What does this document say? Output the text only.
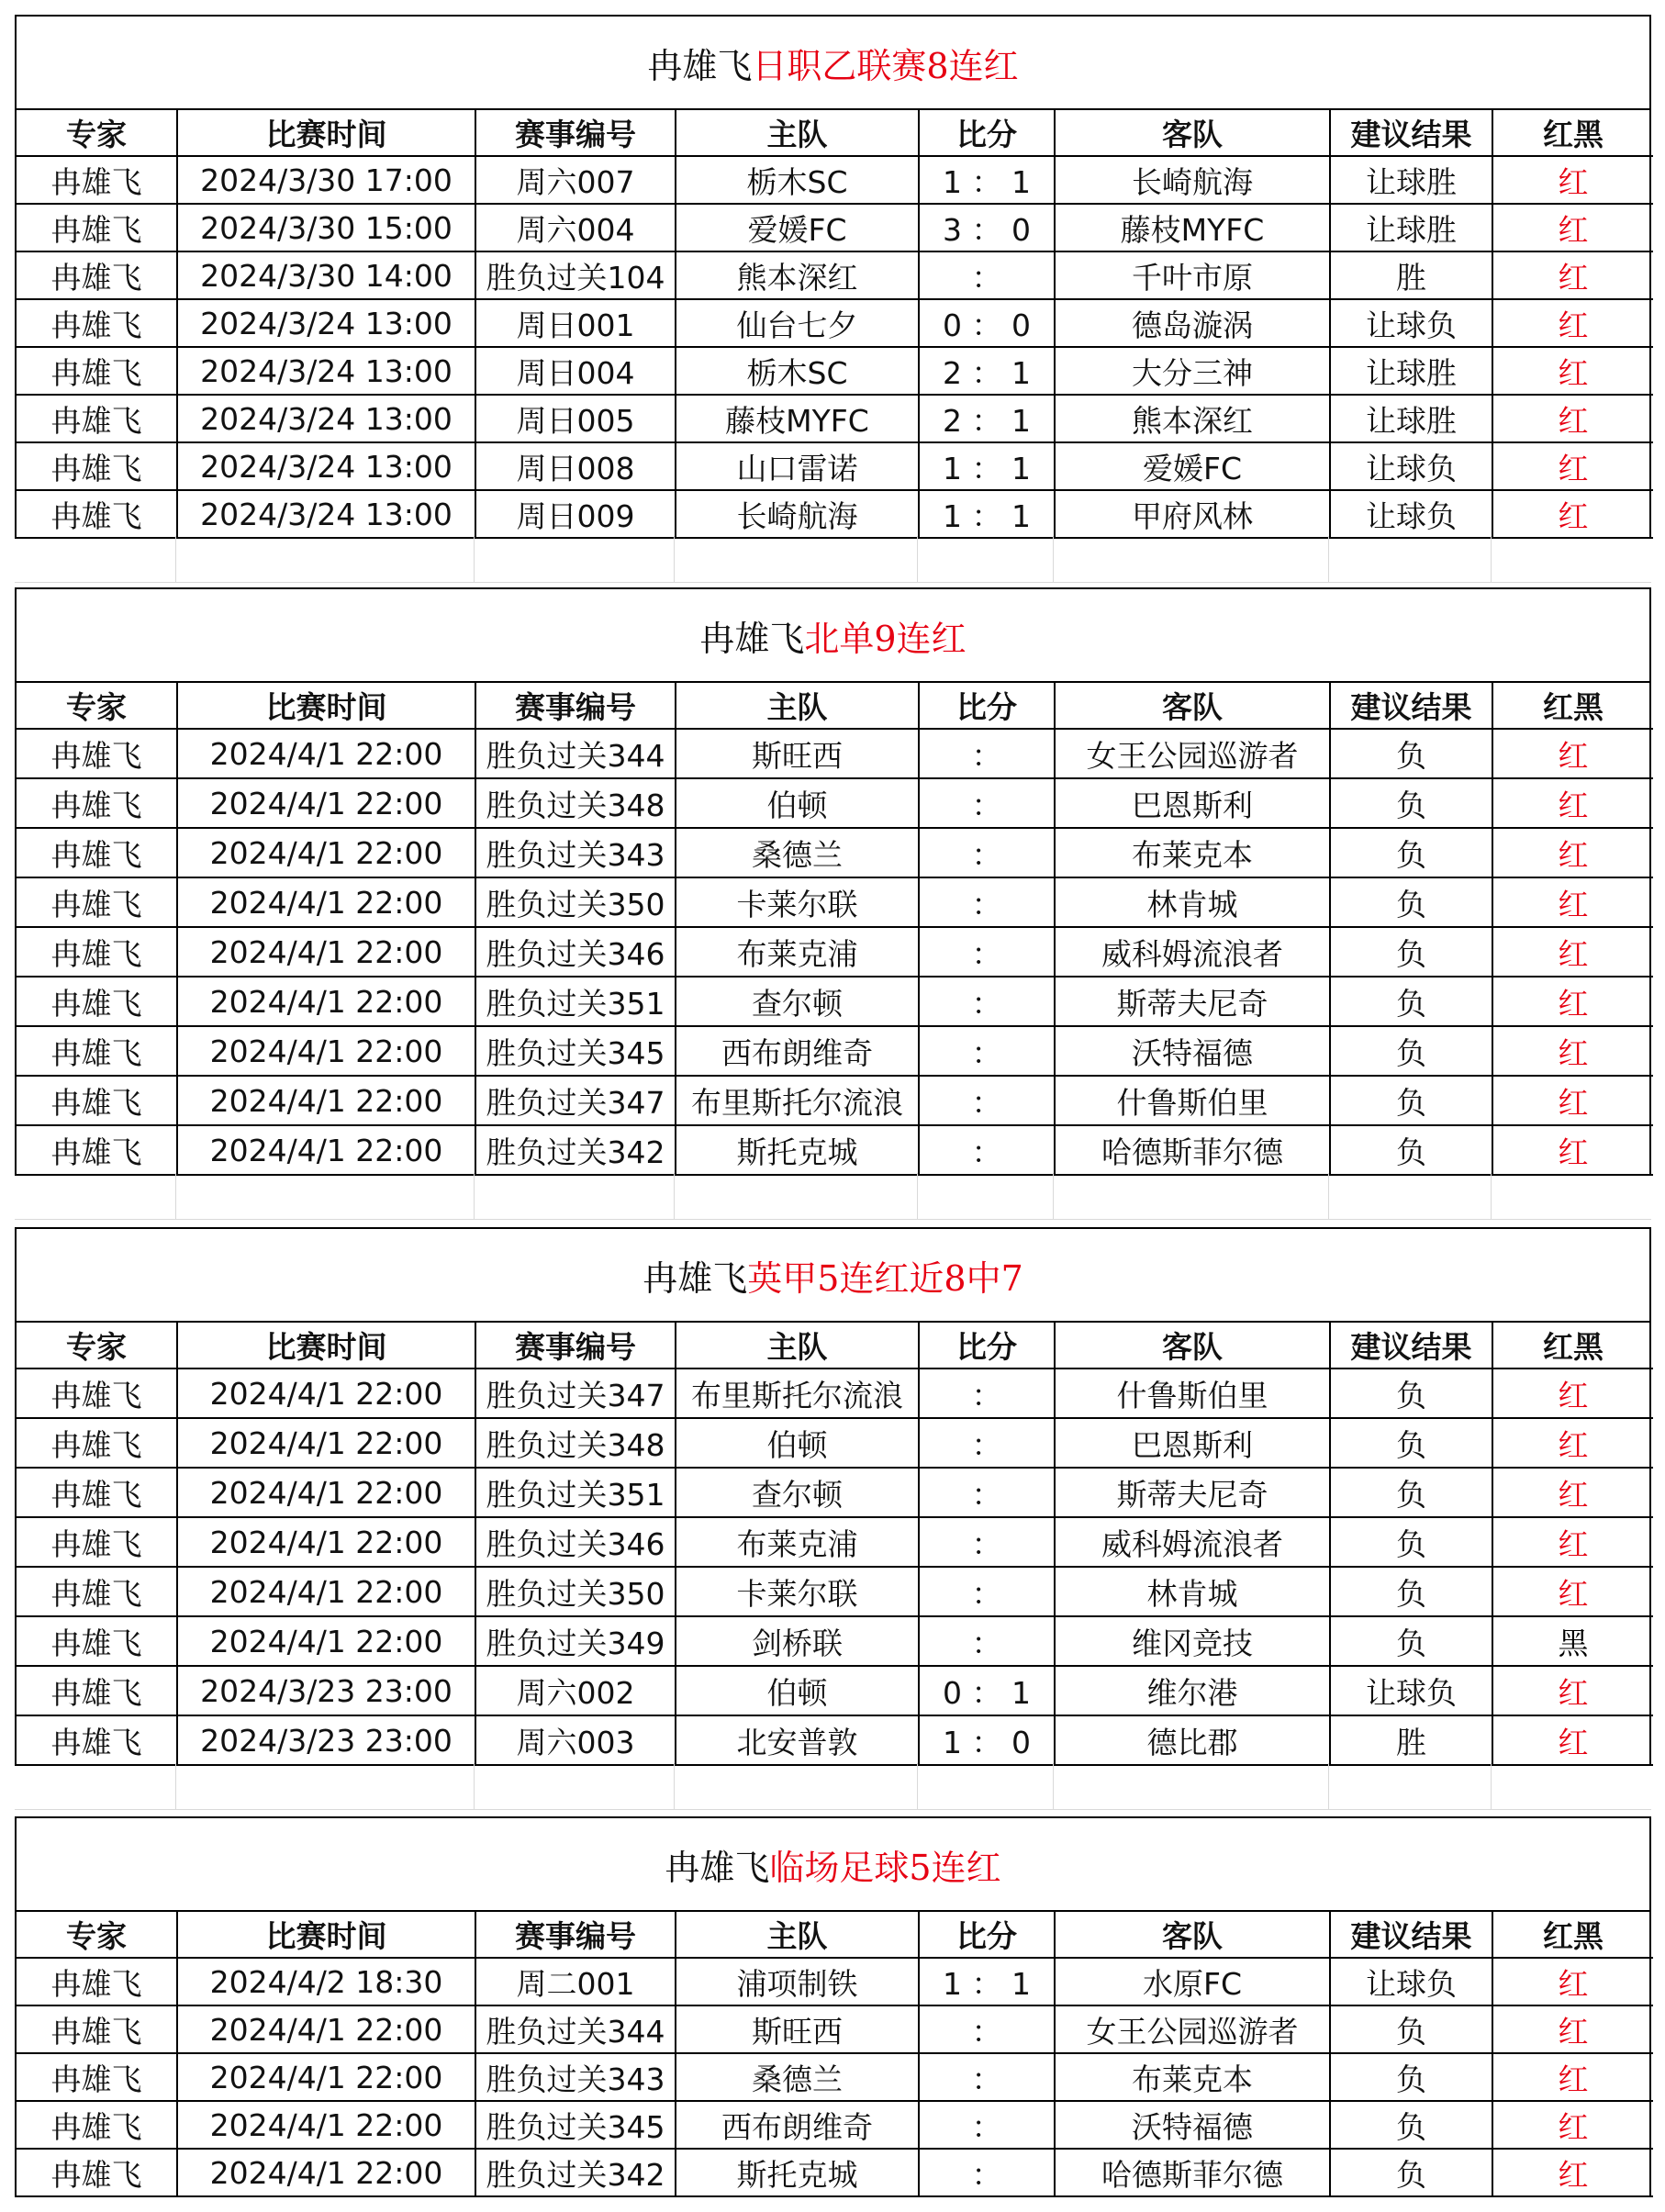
冉雄飞 日职乙联赛8连红
专家	比赛时间	赛事编号	主队	比分	客队	建议结果	红黑
冉雄飞	2024/3/30 17:00	周六007	栃木SC	1 ： 1	长崎航海	让球胜	红
冉雄飞	2024/3/30 15:00	周六004	爱媛FC	3 ： 0	藤枝MYFC	让球胜	红
冉雄飞	2024/3/30 14:00	胜负过关104	熊本深红	：	千叶市原	胜	红
冉雄飞	2024/3/24 13:00	周日001	仙台七夕	0 ： 0	德岛漩涡	让球负	红
冉雄飞	2024/3/24 13:00	周日004	栃木SC	2 ： 1	大分三神	让球胜	红
冉雄飞	2024/3/24 13:00	周日005	藤枝MYFC	2 ： 1	熊本深红	让球胜	红
冉雄飞	2024/3/24 13:00	周日008	山口雷诺	1 ： 1	爱媛FC	让球负	红
冉雄飞	2024/3/24 13:00	周日009	长崎航海	1 ： 1	甲府风林	让球负	红
冉雄飞 北单9连红
专家	比赛时间	赛事编号	主队	比分	客队	建议结果	红黑
冉雄飞	2024/4/1 22:00	胜负过关344	斯旺西	：	女王公园巡游者	负	红
冉雄飞	2024/4/1 22:00	胜负过关348	伯顿	：	巴恩斯利	负	红
冉雄飞	2024/4/1 22:00	胜负过关343	桑德兰	：	布莱克本	负	红
冉雄飞	2024/4/1 22:00	胜负过关350	卡莱尔联	：	林肯城	负	红
冉雄飞	2024/4/1 22:00	胜负过关346	布莱克浦	：	威科姆流浪者	负	红
冉雄飞	2024/4/1 22:00	胜负过关351	查尔顿	：	斯蒂夫尼奇	负	红
冉雄飞	2024/4/1 22:00	胜负过关345	西布朗维奇	：	沃特福德	负	红
冉雄飞	2024/4/1 22:00	胜负过关347	布里斯托尔流浪	：	什鲁斯伯里	负	红
冉雄飞	2024/4/1 22:00	胜负过关342	斯托克城	：	哈德斯菲尔德	负	红
冉雄飞 英甲5连红近8中7
专家	比赛时间	赛事编号	主队	比分	客队	建议结果	红黑
冉雄飞	2024/4/1 22:00	胜负过关347	布里斯托尔流浪	：	什鲁斯伯里	负	红
冉雄飞	2024/4/1 22:00	胜负过关348	伯顿	：	巴恩斯利	负	红
冉雄飞	2024/4/1 22:00	胜负过关351	查尔顿	：	斯蒂夫尼奇	负	红
冉雄飞	2024/4/1 22:00	胜负过关346	布莱克浦	：	威科姆流浪者	负	红
冉雄飞	2024/4/1 22:00	胜负过关350	卡莱尔联	：	林肯城	负	红
冉雄飞	2024/4/1 22:00	胜负过关349	剑桥联	：	维冈竞技	负	黑
冉雄飞	2024/3/23 23:00	周六002	伯顿	0 ： 1	维尔港	让球负	红
冉雄飞	2024/3/23 23:00	周六003	北安普敦	1 ： 0	德比郡	胜	红
冉雄飞 临场足球5连红
专家	比赛时间	赛事编号	主队	比分	客队	建议结果	红黑
冉雄飞	2024/4/2 18:30	周二001	浦项制铁	1 ： 1	水原FC	让球负	红
冉雄飞	2024/4/1 22:00	胜负过关344	斯旺西	：	女王公园巡游者	负	红
冉雄飞	2024/4/1 22:00	胜负过关343	桑德兰	：	布莱克本	负	红
冉雄飞	2024/4/1 22:00	胜负过关345	西布朗维奇	：	沃特福德	负	红
冉雄飞	2024/4/1 22:00	胜负过关342	斯托克城	：	哈德斯菲尔德	负	红
